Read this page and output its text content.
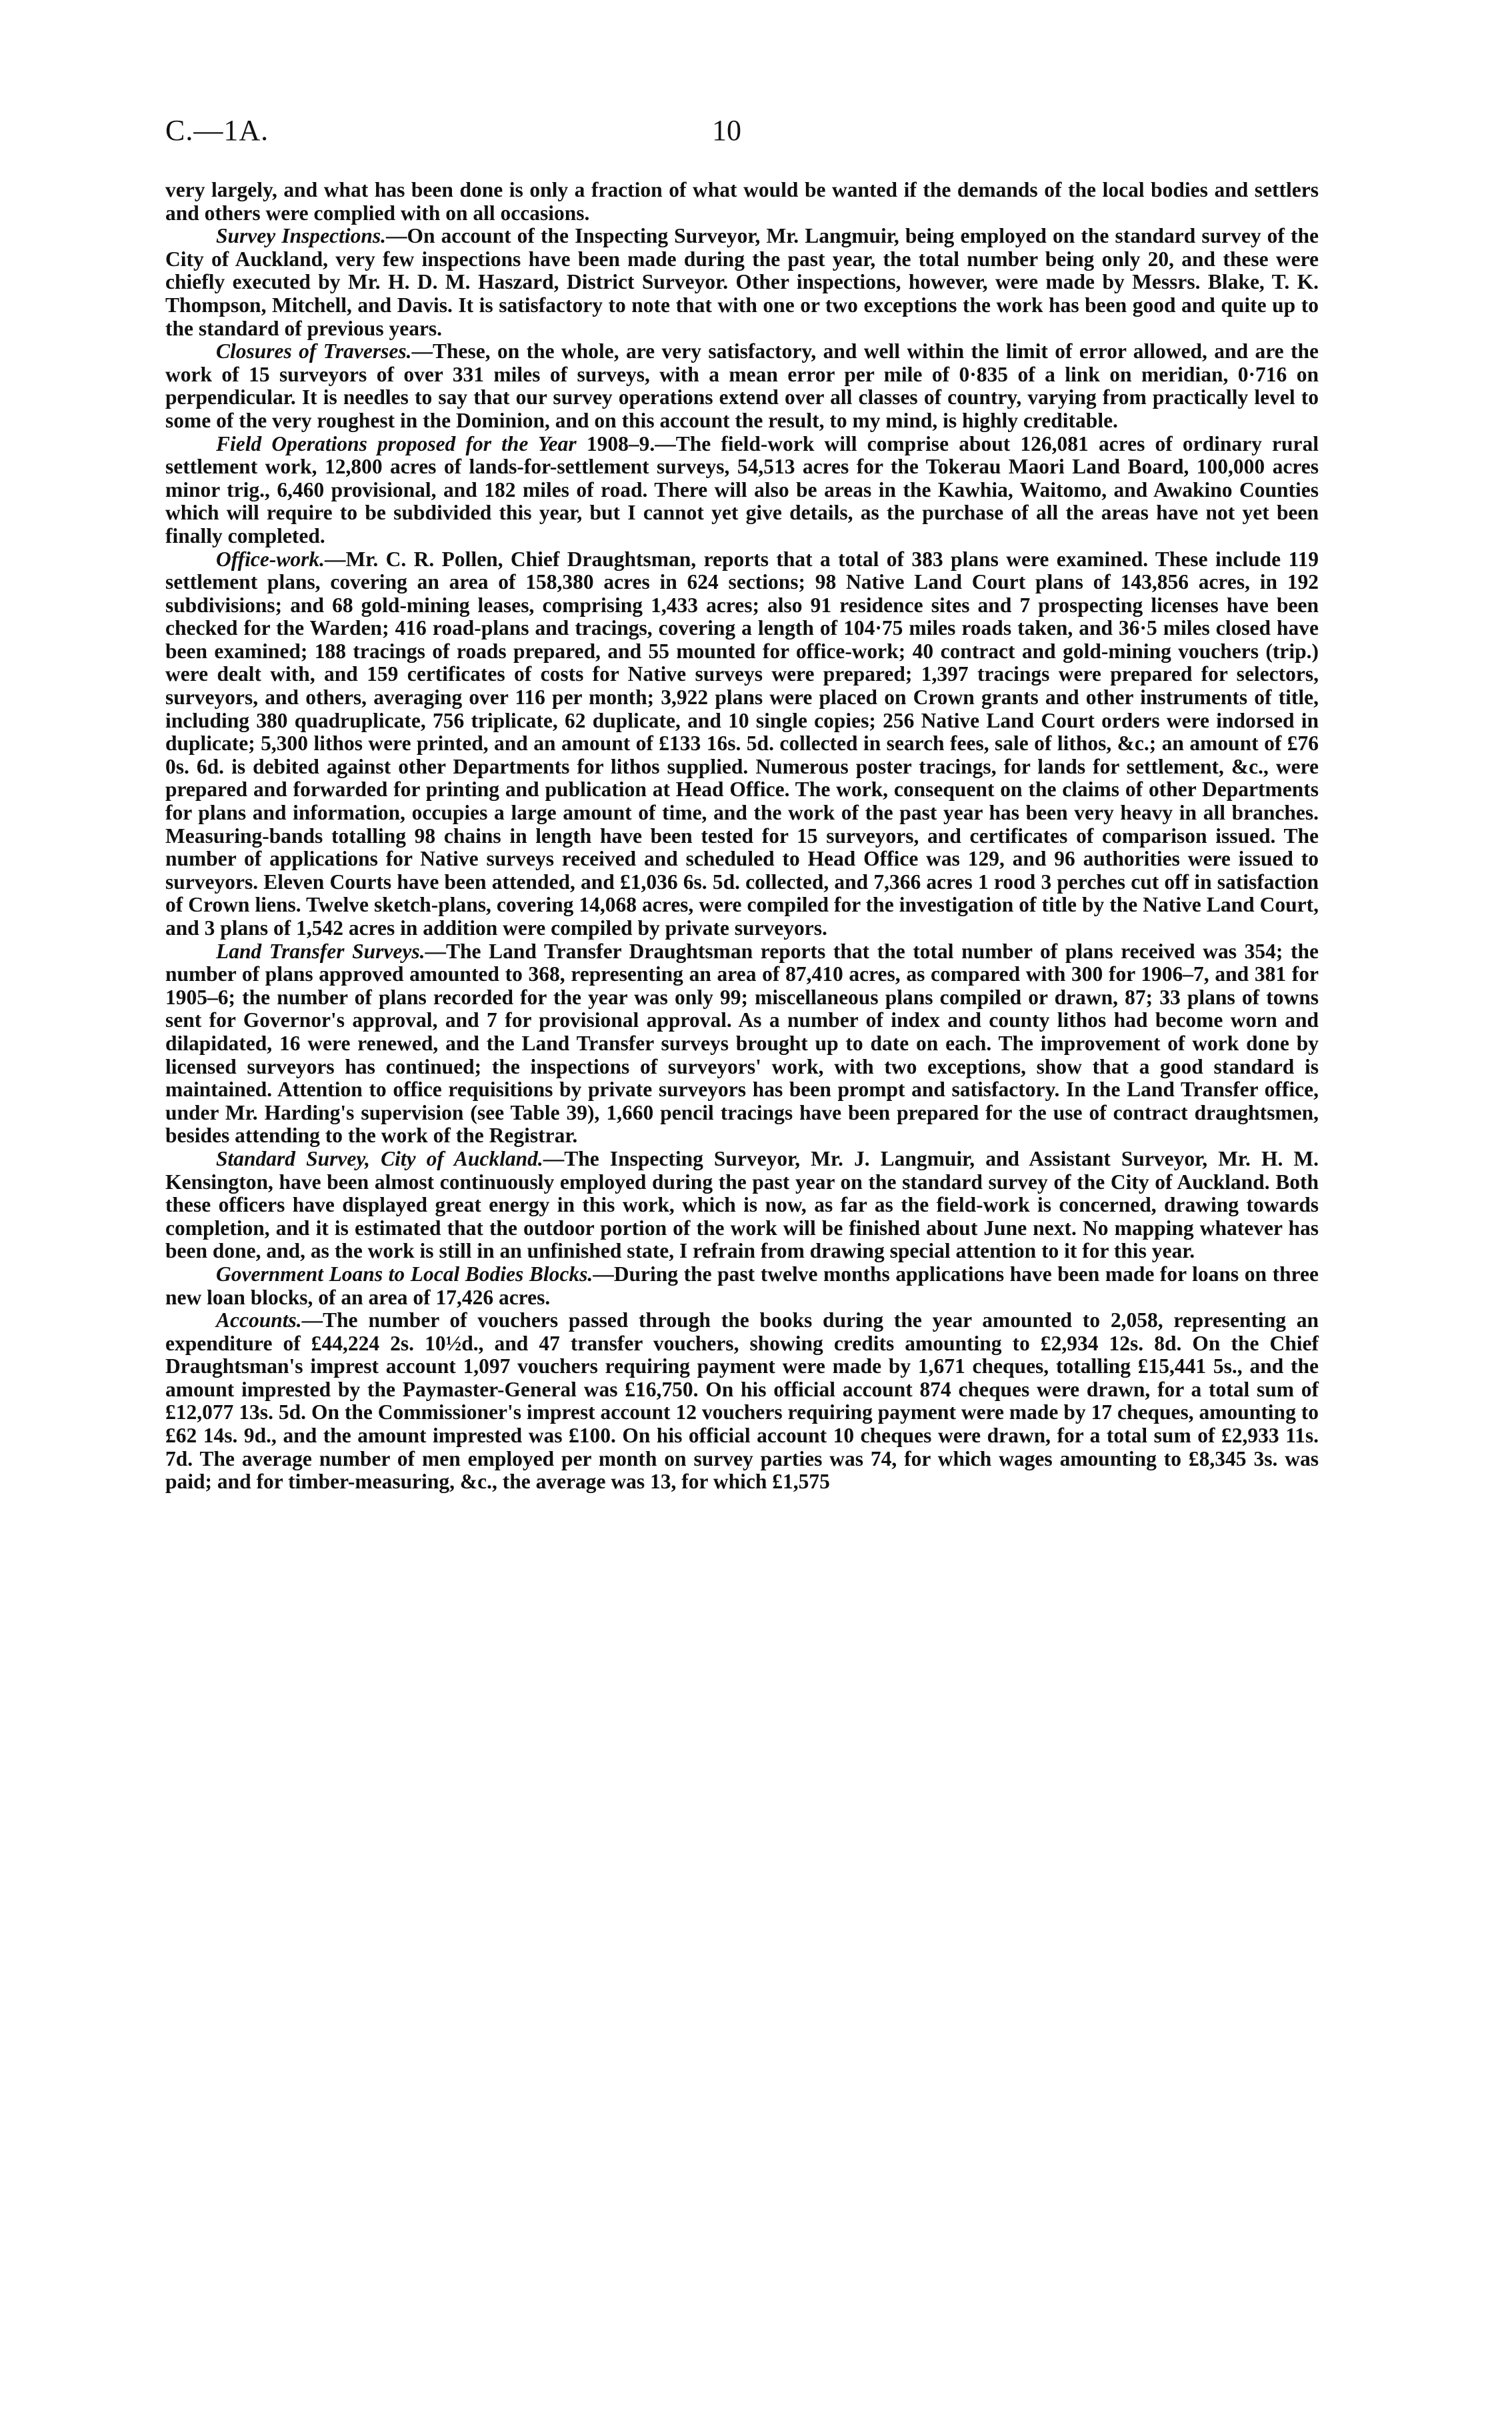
C.—1A.	10

very largely, and what has been done is only a fraction of what would be wanted if the demands of the local bodies and settlers and others were complied with on all occasions.

Survey Inspections.—On account of the Inspecting Surveyor, Mr. Langmuir, being employed on the standard survey of the City of Auckland, very few inspections have been made during the past year, the total number being only 20, and these were chiefly executed by Mr. H. D. M. Haszard, District Surveyor. Other inspections, however, were made by Messrs. Blake, T. K. Thompson, Mitchell, and Davis. It is satisfactory to note that with one or two exceptions the work has been good and quite up to the standard of previous years.

Closures of Traverses.—These, on the whole, are very satisfactory, and well within the limit of error allowed, and are the work of 15 surveyors of over 331 miles of surveys, with a mean error per mile of 0·835 of a link on meridian, 0·716 on perpendicular. It is needles to say that our survey operations extend over all classes of country, varying from practically level to some of the very roughest in the Dominion, and on this account the result, to my mind, is highly creditable.

Field Operations proposed for the Year 1908–9.—The field-work will comprise about 126,081 acres of ordinary rural settlement work, 12,800 acres of lands-for-settlement surveys, 54,513 acres for the Tokerau Maori Land Board, 100,000 acres minor trig., 6,460 provisional, and 182 miles of road. There will also be areas in the Kawhia, Waitomo, and Awakino Counties which will require to be subdivided this year, but I cannot yet give details, as the purchase of all the areas have not yet been finally completed.

Office-work.—Mr. C. R. Pollen, Chief Draughtsman, reports that a total of 383 plans were examined. These include 119 settlement plans, covering an area of 158,380 acres in 624 sections; 98 Native Land Court plans of 143,856 acres, in 192 subdivisions; and 68 gold-mining leases, comprising 1,433 acres; also 91 residence sites and 7 prospecting licenses have been checked for the Warden; 416 road-plans and tracings, covering a length of 104·75 miles roads taken, and 36·5 miles closed have been examined; 188 tracings of roads prepared, and 55 mounted for office-work; 40 contract and gold-mining vouchers (trip.) were dealt with, and 159 certificates of costs for Native surveys were prepared; 1,397 tracings were prepared for selectors, surveyors, and others, averaging over 116 per month; 3,922 plans were placed on Crown grants and other instruments of title, including 380 quadruplicate, 756 triplicate, 62 duplicate, and 10 single copies; 256 Native Land Court orders were indorsed in duplicate; 5,300 lithos were printed, and an amount of £133 16s. 5d. collected in search fees, sale of lithos, &c.; an amount of £76 0s. 6d. is debited against other Departments for lithos supplied. Numerous poster tracings, for lands for settlement, &c., were prepared and forwarded for printing and publication at Head Office. The work, consequent on the claims of other Departments for plans and information, occupies a large amount of time, and the work of the past year has been very heavy in all branches. Measuring-bands totalling 98 chains in length have been tested for 15 surveyors, and certificates of comparison issued. The number of applications for Native surveys received and scheduled to Head Office was 129, and 96 authorities were issued to surveyors. Eleven Courts have been attended, and £1,036 6s. 5d. collected, and 7,366 acres 1 rood 3 perches cut off in satisfaction of Crown liens. Twelve sketch-plans, covering 14,068 acres, were compiled for the investigation of title by the Native Land Court, and 3 plans of 1,542 acres in addition were compiled by private surveyors.

Land Transfer Surveys.—The Land Transfer Draughtsman reports that the total number of plans received was 354; the number of plans approved amounted to 368, representing an area of 87,410 acres, as compared with 300 for 1906–7, and 381 for 1905–6; the number of plans recorded for the year was only 99; miscellaneous plans compiled or drawn, 87; 33 plans of towns sent for Governor's approval, and 7 for provisional approval. As a number of index and county lithos had become worn and dilapidated, 16 were renewed, and the Land Transfer surveys brought up to date on each. The improvement of work done by licensed surveyors has continued; the inspections of surveyors' work, with two exceptions, show that a good standard is maintained. Attention to office requisitions by private surveyors has been prompt and satisfactory. In the Land Transfer office, under Mr. Harding's supervision (see Table 39), 1,660 pencil tracings have been prepared for the use of contract draughtsmen, besides attending to the work of the Registrar.

Standard Survey, City of Auckland.—The Inspecting Surveyor, Mr. J. Langmuir, and Assistant Surveyor, Mr. H. M. Kensington, have been almost continuously employed during the past year on the standard survey of the City of Auckland. Both these officers have displayed great energy in this work, which is now, as far as the field-work is concerned, drawing towards completion, and it is estimated that the outdoor portion of the work will be finished about June next. No mapping whatever has been done, and, as the work is still in an unfinished state, I refrain from drawing special attention to it for this year.

Government Loans to Local Bodies Blocks.—During the past twelve months applications have been made for loans on three new loan blocks, of an area of 17,426 acres.

Accounts.—The number of vouchers passed through the books during the year amounted to 2,058, representing an expenditure of £44,224 2s. 10½d., and 47 transfer vouchers, showing credits amounting to £2,934 12s. 8d. On the Chief Draughtsman's imprest account 1,097 vouchers requiring payment were made by 1,671 cheques, totalling £15,441 5s., and the amount imprested by the Paymaster-General was £16,750. On his official account 874 cheques were drawn, for a total sum of £12,077 13s. 5d. On the Commissioner's imprest account 12 vouchers requiring payment were made by 17 cheques, amounting to £62 14s. 9d., and the amount imprested was £100. On his official account 10 cheques were drawn, for a total sum of £2,933 11s. 7d. The average number of men employed per month on survey parties was 74, for which wages amounting to £8,345 3s. was paid; and for timber-measuring, &c., the average was 13, for which £1,575
